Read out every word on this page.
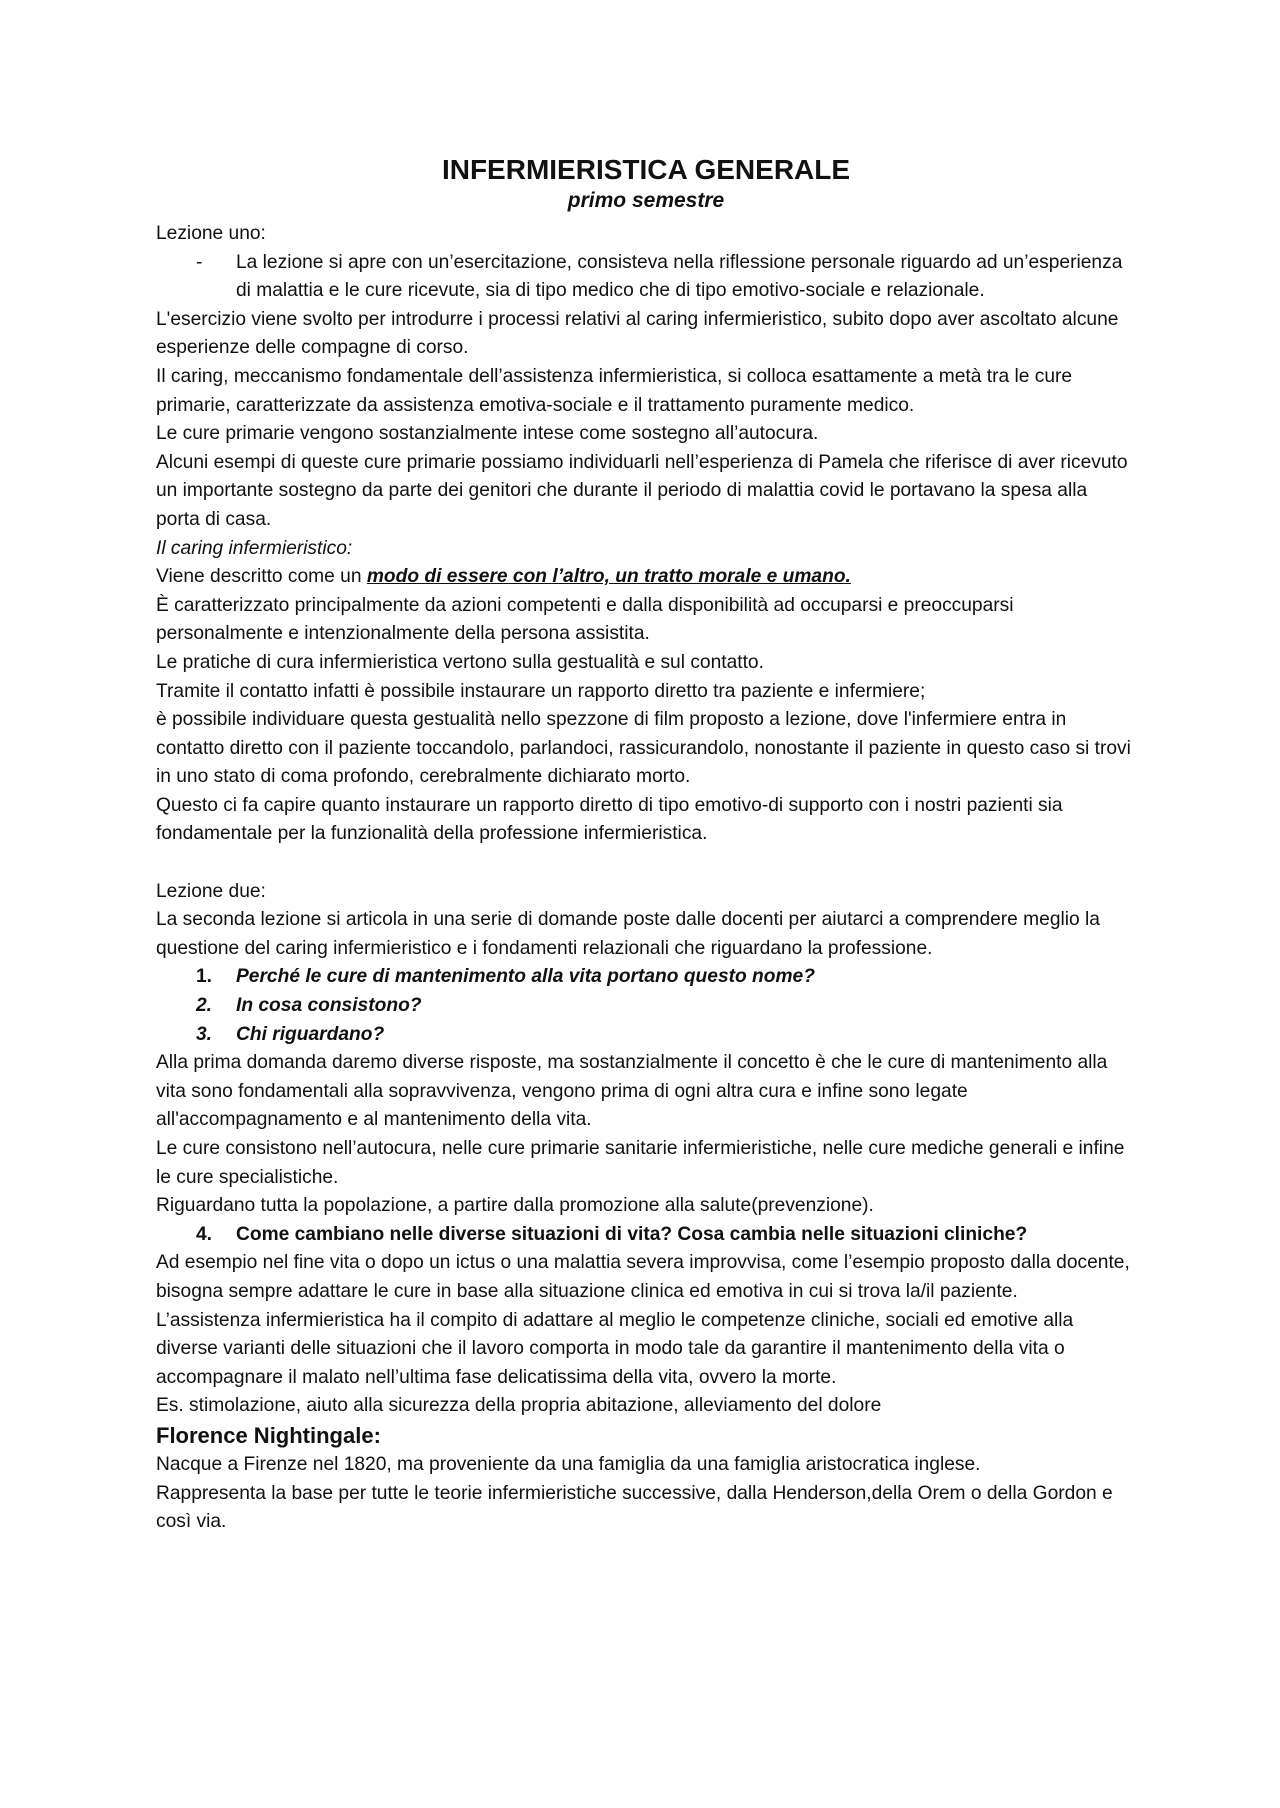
INFERMIERISTICA GENERALE
primo semestre

Lezione uno:

-	La lezione si apre con un’esercitazione, consisteva nella riflessione personale riguardo ad un’esperienza di malattia e le cure ricevute, sia di tipo medico che di tipo emotivo-sociale e relazionale.

L'esercizio viene svolto per introdurre i processi relativi al caring infermieristico, subito dopo aver ascoltato alcune esperienze delle compagne di corso.

Il caring, meccanismo fondamentale dell’assistenza infermieristica, si colloca esattamente a metà tra le cure primarie, caratterizzate da assistenza emotiva-sociale e il trattamento puramente medico.

Le cure primarie vengono sostanzialmente intese come sostegno all’autocura.

Alcuni esempi di queste cure primarie possiamo individuarli nell’esperienza di Pamela che riferisce di aver ricevuto un importante sostegno da parte dei genitori che durante il periodo di malattia covid le portavano la spesa alla porta di casa.

Il caring infermieristico:

Viene descritto come un modo di essere con l’altro, un tratto morale e umano.

È caratterizzato principalmente da azioni competenti e dalla disponibilità ad occuparsi e preoccuparsi personalmente e intenzionalmente della persona assistita.

Le pratiche di cura infermieristica vertono sulla gestualità e sul contatto.

Tramite il contatto infatti è possibile instaurare un rapporto diretto tra paziente e infermiere;

è possibile individuare questa gestualità nello spezzone di film proposto a lezione, dove l'infermiere entra in contatto diretto con il paziente toccandolo, parlandoci, rassicurandolo, nonostante il paziente in questo caso si trovi in uno stato di coma profondo, cerebralmente dichiarato morto.

Questo ci fa capire quanto instaurare un rapporto diretto di tipo emotivo-di supporto con i nostri pazienti sia fondamentale per la funzionalità della professione infermieristica.

Lezione due:

La seconda lezione si articola in una serie di domande poste dalle docenti per aiutarci a comprendere meglio la questione del caring infermieristico e i fondamenti relazionali che riguardano la professione.

1.	Perché le cure di mantenimento alla vita portano questo nome?
2.	In cosa consistono?
3.	Chi riguardano?

Alla prima domanda daremo diverse risposte, ma sostanzialmente il concetto è che le cure di mantenimento alla vita sono fondamentali alla sopravvivenza, vengono prima di ogni altra cura e infine sono legate all'accompagnamento e al mantenimento della vita.

Le cure consistono nell’autocura, nelle cure primarie sanitarie infermieristiche, nelle cure mediche generali e infine le cure specialistiche.

Riguardano tutta la popolazione, a partire dalla promozione alla salute(prevenzione).

4.	Come cambiano nelle diverse situazioni di vita? Cosa cambia nelle situazioni cliniche?

Ad esempio nel fine vita o dopo un ictus o una malattia severa improvvisa, come l’esempio proposto dalla docente, bisogna sempre adattare le cure in base alla situazione clinica ed emotiva in cui si trova la/il paziente.

L’assistenza infermieristica ha il compito di adattare al meglio le competenze cliniche, sociali ed emotive alla diverse varianti delle situazioni che il lavoro comporta in modo tale da garantire il mantenimento della vita o accompagnare il malato nell’ultima fase delicatissima della vita, ovvero la morte.

Es. stimolazione, aiuto alla sicurezza della propria abitazione, alleviamento del dolore

Florence Nightingale:

Nacque a Firenze nel 1820, ma proveniente da una famiglia da una famiglia aristocratica inglese.

Rappresenta la base per tutte le teorie infermieristiche successive, dalla Henderson,della Orem o della Gordon e così via.
